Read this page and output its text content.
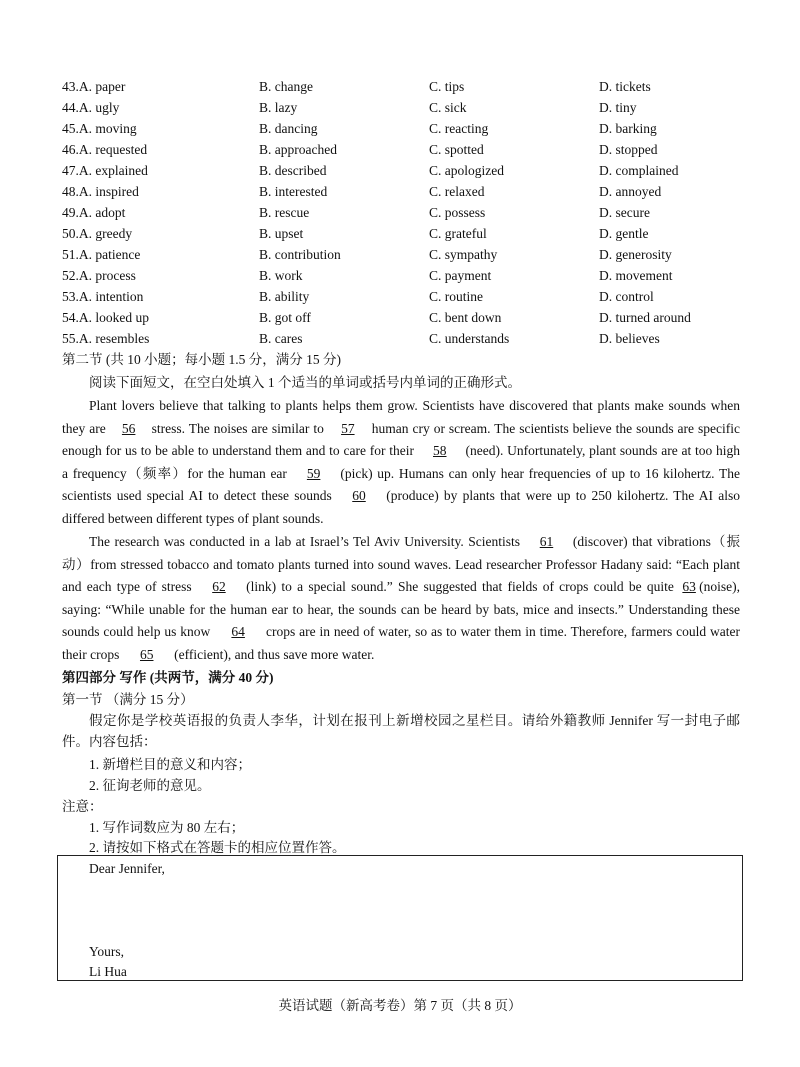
43.A. paper	B. change	C. tips	D. tickets
44.A. ugly	B. lazy	C. sick	D. tiny
45.A. moving	B. dancing	C. reacting	D. barking
46.A. requested	B. approached	C. spotted	D. stopped
47.A. explained	B. described	C. apologized	D. complained
48.A. inspired	B. interested	C. relaxed	D. annoyed
49.A. adopt	B. rescue	C. possess	D. secure
50.A. greedy	B. upset	C. grateful	D. gentle
51.A. patience	B. contribution	C. sympathy	D. generosity
52.A. process	B. work	C. payment	D. movement
53.A. intention	B. ability	C. routine	D. control
54.A. looked up	B. got off	C. bent down	D. turned around
55.A. resembles	B. cares	C. understands	D. believes
第二节 (共 10 小题；每小题 1.5 分，满分 15 分)
阅读下面短文，在空白处填入 1 个适当的单词或括号内单词的正确形式。
Plant lovers believe that talking to plants helps them grow. Scientists have discovered that plants make sounds when they are 56 stress. The noises are similar to 57 human cry or scream. The scientists believe the sounds are specific enough for us to be able to understand them and to care for their 58 (need). Unfortunately, plant sounds are at too high a frequency（频率）for the human ear 59 (pick) up. Humans can only hear frequencies of up to 16 kilohertz. The scientists used special AI to detect these sounds 60 (produce) by plants that were up to 250 kilohertz. The AI also differed between different types of plant sounds.
The research was conducted in a lab at Israel’s Tel Aviv University. Scientists 61 (discover) that vibrations（振动）from stressed tobacco and tomato plants turned into sound waves. Lead researcher Professor Hadany said: “Each plant and each type of stress 62 (link) to a special sound.” She suggested that fields of crops could be quite 63 (noise), saying: “While unable for the human ear to hear, the sounds can be heard by bats, mice and insects.” Understanding these sounds could help us know 64 crops are in need of water, so as to water them in time. Therefore, farmers could water their crops 65 (efficient), and thus save more water.
第四部分 写作 (共两节，满分 40 分)
第一节 （满分 15 分）
假定你是学校英语报的负责人李华，计划在报刊上新增校园之星栏目。请给外籍教师 Jennifer 写一封电子邮件。内容包括：
1. 新增栏目的意义和内容；
2. 征询老师的意见。
注意：
1. 写作词数应为 80 左右；
2. 请按如下格式在答题卡的相应位置作答。
Dear Jennifer,
Yours,
Li Hua
英语试题（新高考卷）第 7 页（共 8 页）
